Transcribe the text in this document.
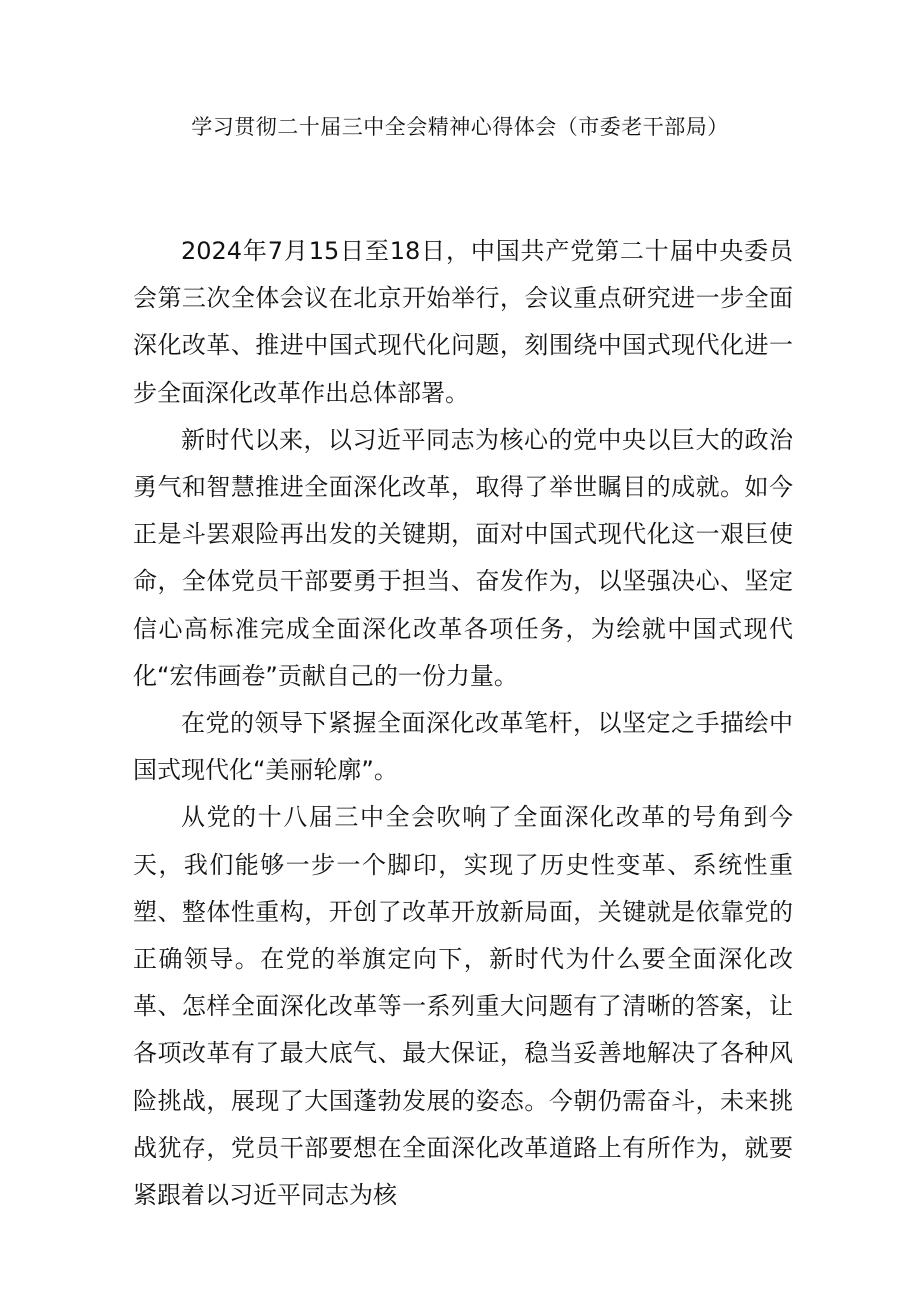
学习贯彻二十届三中全会精神心得体会（市委老干部局）

2024年7月15日至18日，中国共产党第二十届中央委员会第三次全体会议在北京开始举行，会议重点研究进一步全面深化改革、推进中国式现代化问题，刻围绕中国式现代化进一步全面深化改革作出总体部署。

新时代以来，以习近平同志为核心的党中央以巨大的政治勇气和智慧推进全面深化改革，取得了举世瞩目的成就。如今正是斗罢艰险再出发的关键期，面对中国式现代化这一艰巨使命，全体党员干部要勇于担当、奋发作为，以坚强决心、坚定信心高标准完成全面深化改革各项任务，为绘就中国式现代化“宏伟画卷”贡献自己的一份力量。

在党的领导下紧握全面深化改革笔杆，以坚定之手描绘中国式现代化“美丽轮廓”。

从党的十八届三中全会吹响了全面深化改革的号角到今天，我们能够一步一个脚印，实现了历史性变革、系统性重塑、整体性重构，开创了改革开放新局面，关键就是依靠党的正确领导。在党的举旗定向下，新时代为什么要全面深化改革、怎样全面深化改革等一系列重大问题有了清晰的答案，让各项改革有了最大底气、最大保证，稳当妥善地解决了各种风险挑战，展现了大国蓬勃发展的姿态。今朝仍需奋斗，未来挑战犹存，党员干部要想在全面深化改革道路上有所作为，就要紧跟着以习近平同志为核
